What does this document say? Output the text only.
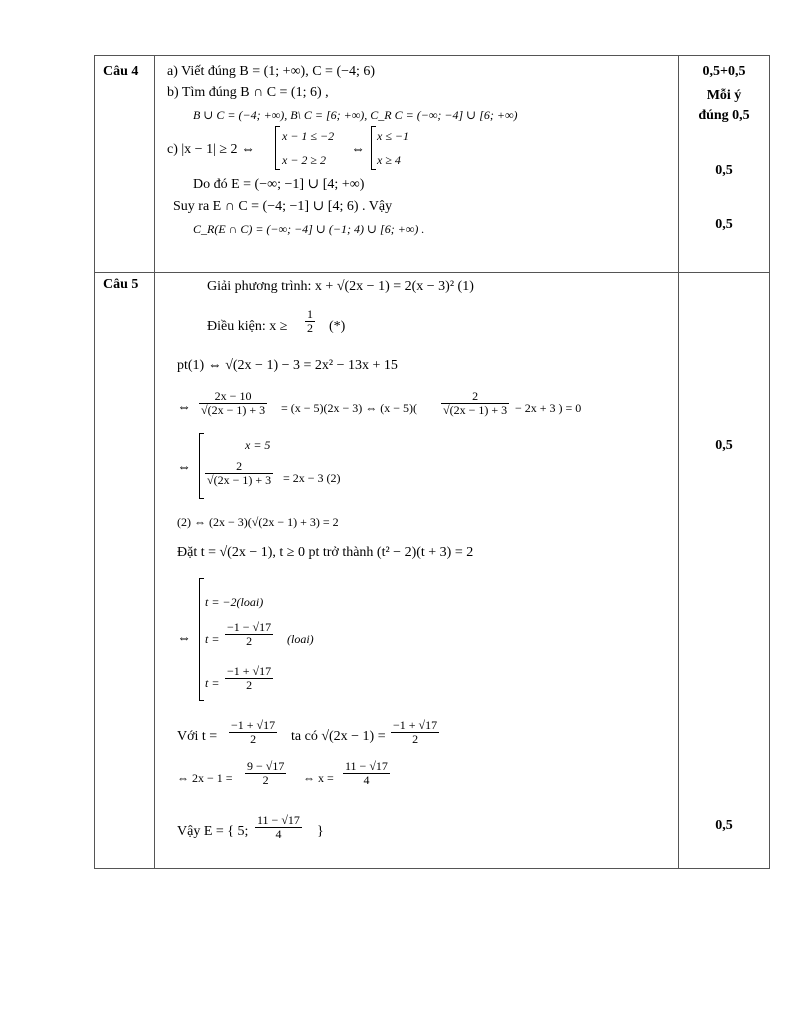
Câu 4 a) Viết đúng B = (1; +∞), C = (−4; 6)
b) Tìm đúng B ∩ C = (1; 6) ,
B ∪ C = (−4; +∞), B\ C = [6; +∞), C_R C = (−∞; −4] ∪ [6; +∞)
c) |x − 1| ≥ 2 ⇔
x − 1 ≤ −2
x − 2 ≥ 2
⇔
x ≤ −1
x ≥ 4
Do đó E = (−∞; −1] ∪ [4; +∞)
Suy ra E ∩ C = (−4; −1] ∪ [4; 6) . Vậy
C_R(E ∩ C) = (−∞; −4] ∪ (−1; 4) ∪ [6; +∞) .
0,5+0,5
Mỗi ý
đúng 0,5
0,5
0,5
Câu 5	Giải phương trình: x + √(2x − 1) = 2(x − 3)² (1)
Điều kiện: $x \ge \frac{1}{2}$ (*)
pt(1) ⇔ √(2x − 1) − 3 = 2x² − 13x + 15
⇔ $\frac{2x - 10}{√(2x - 1) + 3} = (x - 5)(2x - 3)$ ⇔ $(x - 5)( \frac{2}{√(2x - 1) + 3} - 2x + 3$ ) = 0
⇔
x = 5
$\frac{2}{√(2x - 1) + 3} = 2x - 3$ (2)
(2) ⇔ (2x − 3)(√(2x − 1) + 3) = 2
Đặt t = √(2x − 1), t ≥ 0 pt trở thành (t² − 2)(t + 3) = 2
⇔
t = −2(loai)
$t = \frac{-1 - √17}{2}$ (loai)
$t = \frac{-1 + √17}{2}$
Với $t = \frac{-1 + √17}{2}$ ta có $√(2x - 1) = \frac{-1 + √17}{2}$
⇔ $2x - 1 = \frac{9 - √17}{2}$ ⇔ $x = \frac{11 - √17}{4}$
Vậy E = { 5; $\frac{11 - √17}{4}$ }
0,5
0,5
